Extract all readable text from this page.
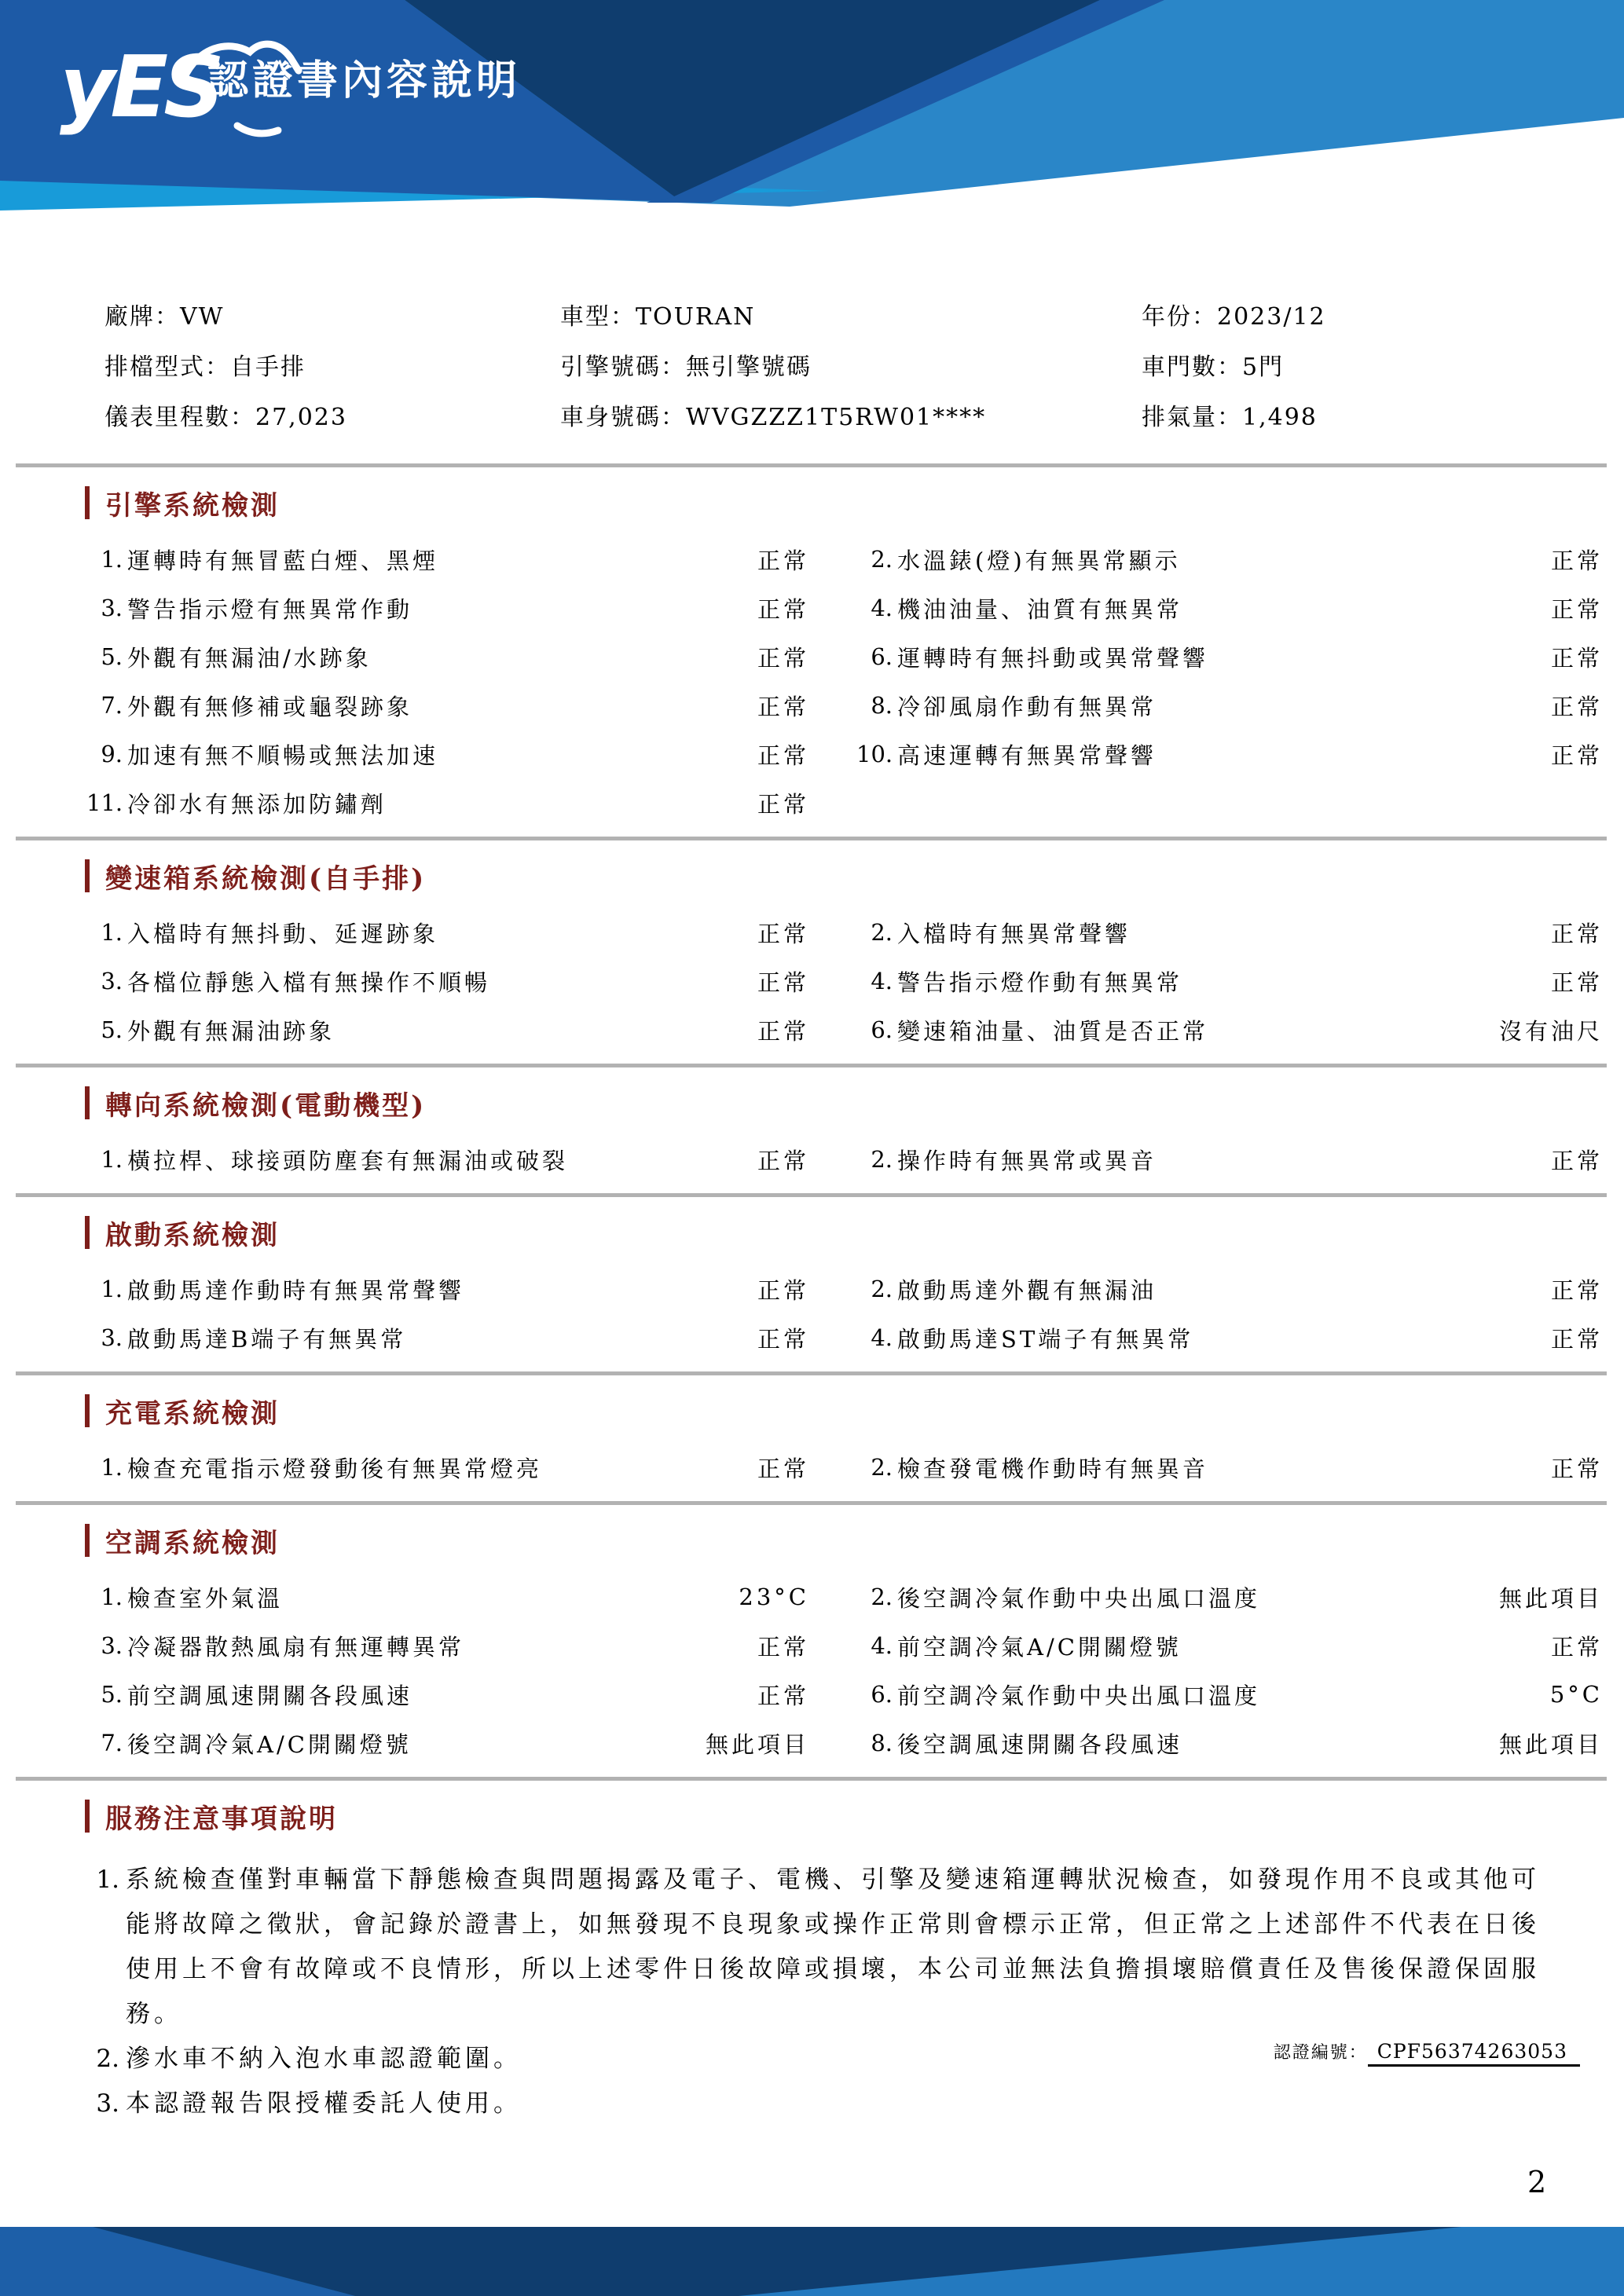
yES
認證書內容說明
廠牌：VW	車型：TOURAN	年份：2023/12
排檔型式：自手排	引擎號碼：無引擎號碼	車門數：5門
儀表里程數：27,023	車身號碼：WVGZZZ1T5RW01****	排氣量：1,498
引擎系統檢測
1. 運轉時有無冒藍白煙、黑煙	正常	2. 水溫錶(燈)有無異常顯示	正常
3. 警告指示燈有無異常作動	正常	4. 機油油量、油質有無異常	正常
5. 外觀有無漏油/水跡象	正常	6. 運轉時有無抖動或異常聲響	正常
7. 外觀有無修補或龜裂跡象	正常	8. 冷卻風扇作動有無異常	正常
9. 加速有無不順暢或無法加速	正常 10. 高速運轉有無異常聲響	正常
11. 冷卻水有無添加防鏽劑	正常
變速箱系統檢測(自手排)
1. 入檔時有無抖動、延遲跡象	正常	2. 入檔時有無異常聲響	正常
3. 各檔位靜態入檔有無操作不順暢	正常	4. 警告指示燈作動有無異常	正常
5. 外觀有無漏油跡象	正常	6. 變速箱油量、油質是否正常	沒有油尺
轉向系統檢測(電動機型)
1. 橫拉桿、球接頭防塵套有無漏油或破裂	正常	2. 操作時有無異常或異音	正常
啟動系統檢測
1. 啟動馬達作動時有無異常聲響	正常	2. 啟動馬達外觀有無漏油	正常
3. 啟動馬達B端子有無異常	正常	4. 啟動馬達ST端子有無異常	正常
充電系統檢測
1. 檢查充電指示燈發動後有無異常燈亮	正常	2. 檢查發電機作動時有無異音	正常
空調系統檢測
1. 檢查室外氣溫	23°C	2. 後空調冷氣作動中央出風口溫度	無此項目
3. 冷凝器散熱風扇有無運轉異常	正常	4. 前空調冷氣A/C開關燈號	正常
5. 前空調風速開關各段風速	正常	6. 前空調冷氣作動中央出風口溫度	5°C
7. 後空調冷氣A/C開關燈號	無此項目	8. 後空調風速開關各段風速	無此項目
服務注意事項說明
1. 系統檢查僅對車輛當下靜態檢查與問題揭露及電子、電機、引擎及變速箱運轉狀況檢查，如發現作用不良或其他可能將故障之徵狀，會記錄於證書上，如無發現不良現象或操作正常則會標示正常，但正常之上述部件不代表在日後使用上不會有故障或不良情形，所以上述零件日後故障或損壞，本公司並無法負擔損壞賠償責任及售後保證保固服務。
2. 滲水車不納入泡水車認證範圍。
3. 本認證報告限授權委託人使用。
認證編號： CPF56374263053
2
